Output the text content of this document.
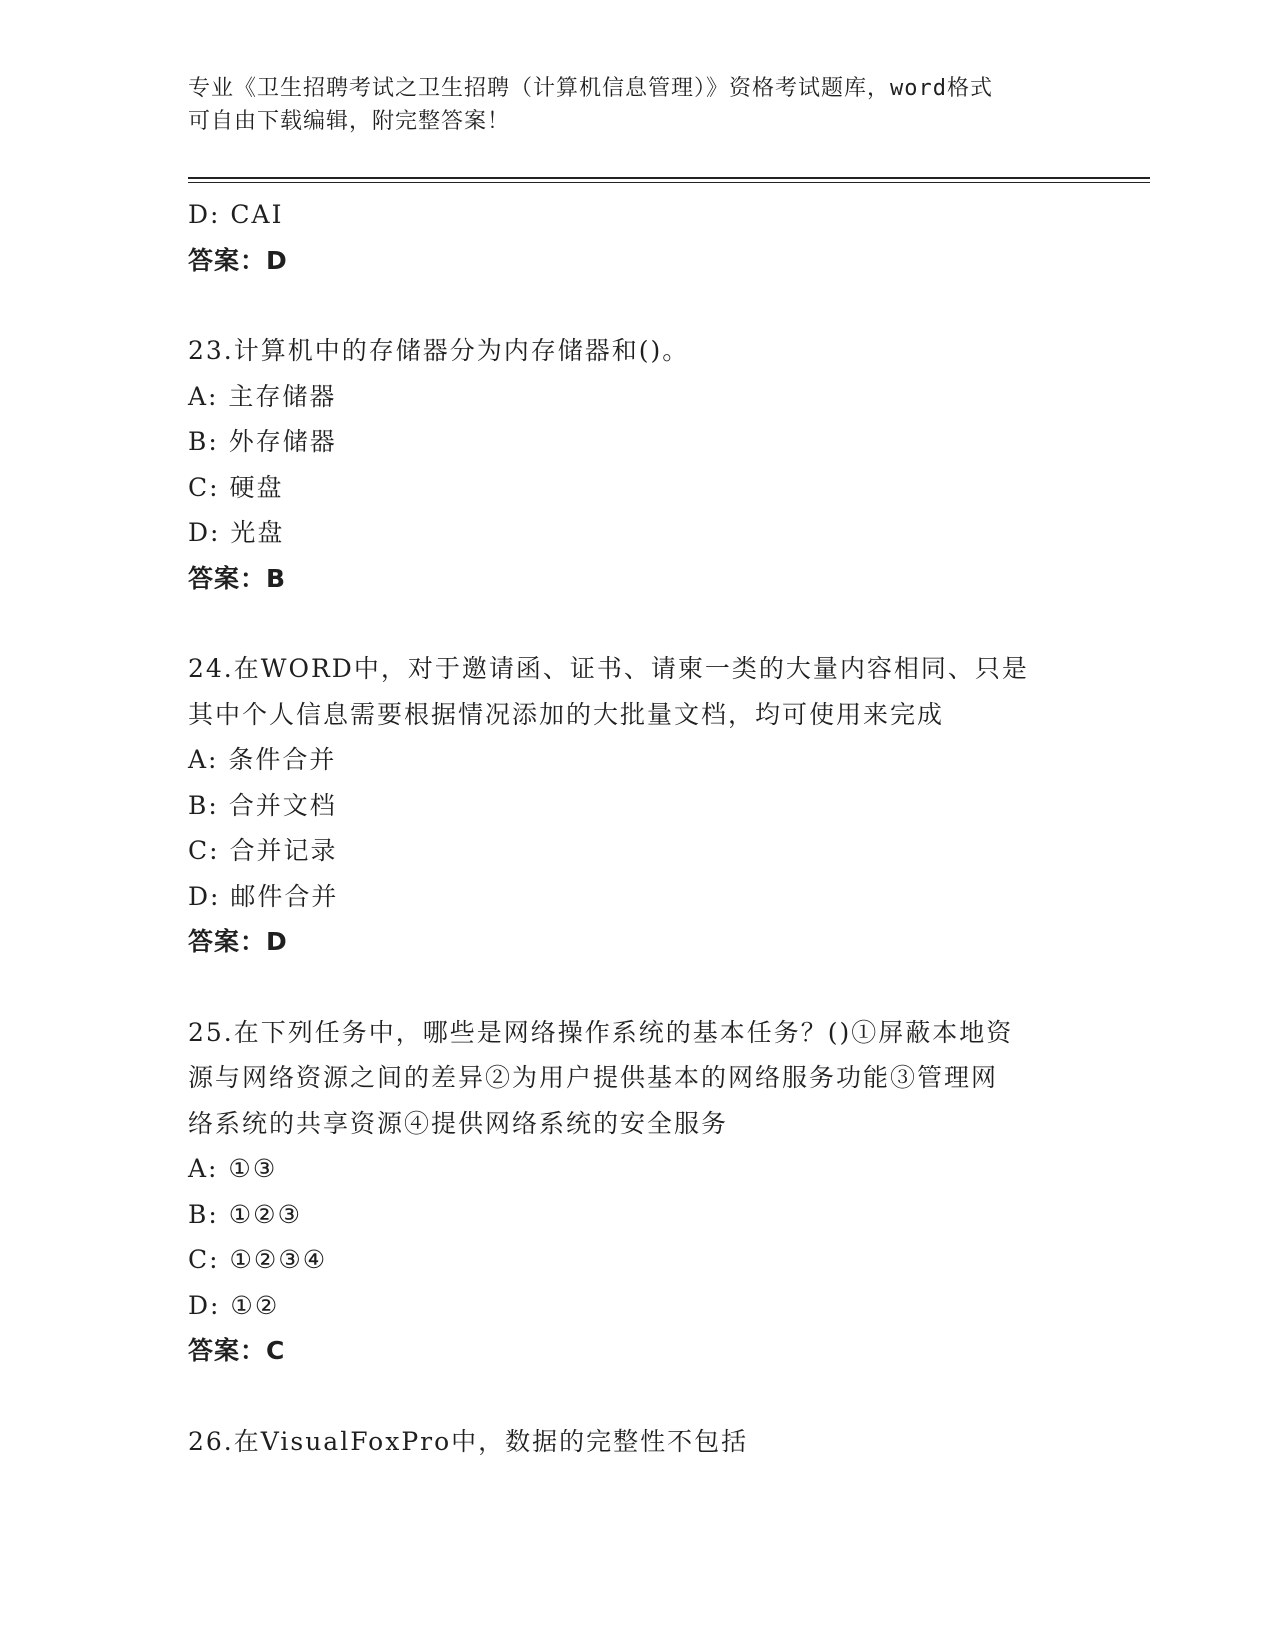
专业《卫生招聘考试之卫生招聘（计算机信息管理）》资格考试题库，word格式
可自由下载编辑，附完整答案！
D: CAI
答案：D
23.计算机中的存储器分为内存储器和()。
A: 主存储器
B: 外存储器
C: 硬盘
D: 光盘
答案：B
24.在WORD中，对于邀请函、证书、请柬一类的大量内容相同、只是
其中个人信息需要根据情况添加的大批量文档，均可使用来完成
A: 条件合并
B: 合并文档
C: 合并记录
D: 邮件合并
答案：D
25.在下列任务中，哪些是网络操作系统的基本任务？()①屏蔽本地资
源与网络资源之间的差异②为用户提供基本的网络服务功能③管理网
络系统的共享资源④提供网络系统的安全服务
A: ①③
B: ①②③
C: ①②③④
D: ①②
答案：C
26.在VisualFoxPro中，数据的完整性不包括
